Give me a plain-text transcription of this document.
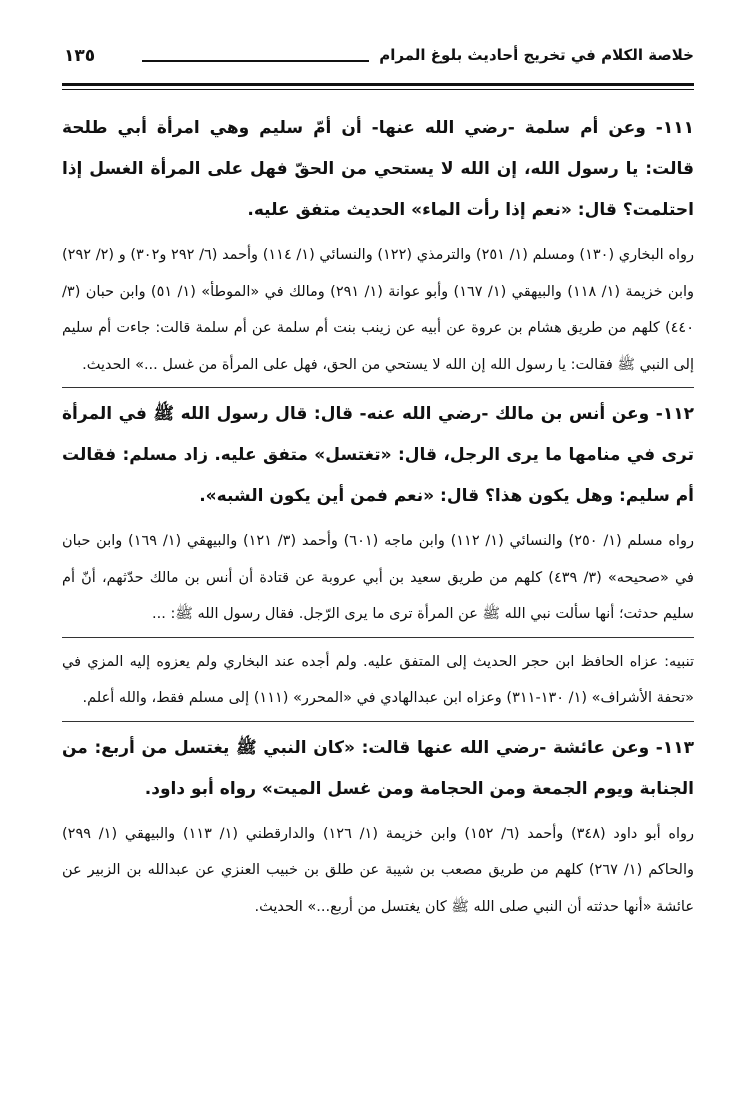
خلاصة الكلام في تخريج أحاديث بلوغ المرام
١٣٥

١١١- وعن أم سلمة -رضي الله عنها- أن أمّ سليم وهي امرأة أبي طلحة قالت: يا رسول الله، إن الله لا يستحي من الحقّ فهل على المرأة الغسل إذا احتلمت؟ قال: «نعم إذا رأت الماء» الحديث متفق عليه.

رواه البخاري (١٣٠) ومسلم (١/ ٢٥١) والترمذي (١٢٢) والنسائي (١/ ١١٤) وأحمد (٦/ ٢٩٢ و٣٠٢) و (٢/ ٢٩٢) وابن خزيمة (١/ ١١٨) والبيهقي (١/ ١٦٧) وأبو عوانة (١/ ٢٩١) ومالك في «الموطأ» (١/ ٥١) وابن حبان (٣/ ٤٤٠) كلهم من طريق هشام بن عروة عن أبيه عن زينب بنت أم سلمة عن أم سلمة قالت: جاءت أم سليم إلى النبي ﷺ فقالت: يا رسول الله إن الله لا يستحي من الحق، فهل على المرأة من غسل ...» الحديث.

١١٢- وعن أنس بن مالك -رضي الله عنه- قال: قال رسول الله ﷺ في المرأة ترى في منامها ما يرى الرجل، قال: «تغتسل» متفق عليه. زاد مسلم: فقالت أم سليم: وهل يكون هذا؟ قال: «نعم فمن أين يكون الشبه».

رواه مسلم (١/ ٢٥٠) والنسائي (١/ ١١٢) وابن ماجه (٦٠١) وأحمد (٣/ ١٢١) والبيهقي (١/ ١٦٩) وابن حبان في «صحيحه» (٣/ ٤٣٩) كلهم من طريق سعيد بن أبي عروبة عن قتادة أن أنس بن مالك حدّثهم، أنّ أم سليم حدثت؛ أنها سألت نبي الله ﷺ عن المرأة ترى ما يرى الرّجل. فقال رسول الله ﷺ: ...

تنبيه: عزاه الحافظ ابن حجر الحديث إلى المتفق عليه. ولم أجده عند البخاري ولم يعزوه إليه المزي في «تحفة الأشراف» (١/ ١٣٠-٣١١) وعزاه ابن عبدالهادي في «المحرر» (١١١) إلى مسلم فقط، والله أعلم.

١١٣- وعن عائشة -رضي الله عنها قالت: «كان النبي ﷺ يغتسل من أربع: من الجنابة ويوم الجمعة ومن الحجامة ومن غسل الميت» رواه أبو داود.

رواه أبو داود (٣٤٨) وأحمد (٦/ ١٥٢) وابن خزيمة (١/ ١٢٦) والدارقطني (١/ ١١٣) والبيهقي (١/ ٢٩٩) والحاكم (١/ ٢٦٧) كلهم من طريق مصعب بن شيبة عن طلق بن خبيب العنزي عن عبدالله بن الزبير عن عائشة «أنها حدثته أن النبي صلى الله ﷺ كان يغتسل من أربع...» الحديث.
